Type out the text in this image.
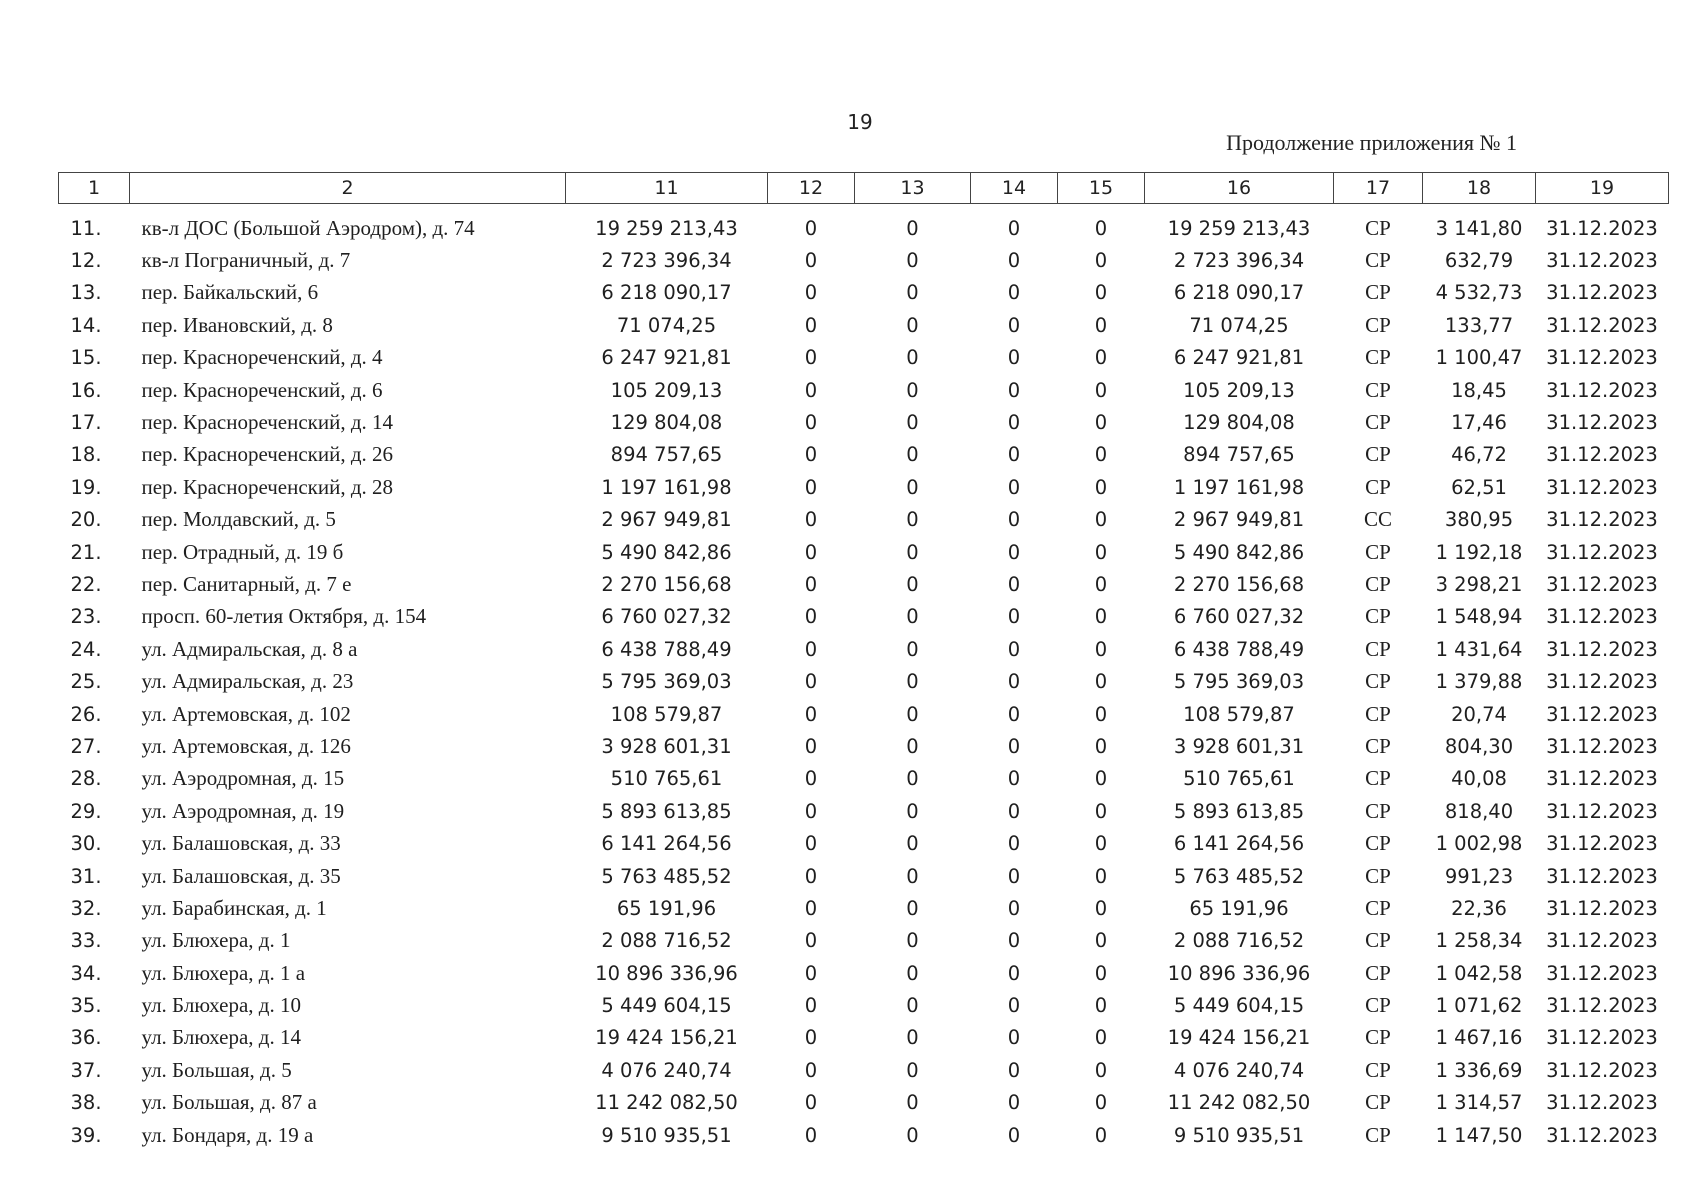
19
Продолжение приложения № 1
1	2	11	12	13	14	15	16	17	18	19
11.	кв-л ДОС (Большой Аэродром), д. 74	19 259 213,43	0	0	0	0	19 259 213,43	СР	3 141,80	31.12.2023
12.	кв-л Пограничный, д. 7	2 723 396,34	0	0	0	0	2 723 396,34	СР	632,79	31.12.2023
13.	пер. Байкальский, 6	6 218 090,17	0	0	0	0	6 218 090,17	СР	4 532,73	31.12.2023
14.	пер. Ивановский, д. 8	71 074,25	0	0	0	0	71 074,25	СР	133,77	31.12.2023
15.	пер. Краснореченский, д. 4	6 247 921,81	0	0	0	0	6 247 921,81	СР	1 100,47	31.12.2023
16.	пер. Краснореченский, д. 6	105 209,13	0	0	0	0	105 209,13	СР	18,45	31.12.2023
17.	пер. Краснореченский, д. 14	129 804,08	0	0	0	0	129 804,08	СР	17,46	31.12.2023
18.	пер. Краснореченский, д. 26	894 757,65	0	0	0	0	894 757,65	СР	46,72	31.12.2023
19.	пер. Краснореченский, д. 28	1 197 161,98	0	0	0	0	1 197 161,98	СР	62,51	31.12.2023
20.	пер. Молдавский, д. 5	2 967 949,81	0	0	0	0	2 967 949,81	СС	380,95	31.12.2023
21.	пер. Отрадный, д. 19 б	5 490 842,86	0	0	0	0	5 490 842,86	СР	1 192,18	31.12.2023
22.	пер. Санитарный, д. 7 е	2 270 156,68	0	0	0	0	2 270 156,68	СР	3 298,21	31.12.2023
23.	просп. 60-летия Октября, д. 154	6 760 027,32	0	0	0	0	6 760 027,32	СР	1 548,94	31.12.2023
24.	ул. Адмиральская, д. 8 а	6 438 788,49	0	0	0	0	6 438 788,49	СР	1 431,64	31.12.2023
25.	ул. Адмиральская, д. 23	5 795 369,03	0	0	0	0	5 795 369,03	СР	1 379,88	31.12.2023
26.	ул. Артемовская, д. 102	108 579,87	0	0	0	0	108 579,87	СР	20,74	31.12.2023
27.	ул. Артемовская, д. 126	3 928 601,31	0	0	0	0	3 928 601,31	СР	804,30	31.12.2023
28.	ул. Аэродромная, д. 15	510 765,61	0	0	0	0	510 765,61	СР	40,08	31.12.2023
29.	ул. Аэродромная, д. 19	5 893 613,85	0	0	0	0	5 893 613,85	СР	818,40	31.12.2023
30.	ул. Балашовская, д. 33	6 141 264,56	0	0	0	0	6 141 264,56	СР	1 002,98	31.12.2023
31.	ул. Балашовская, д. 35	5 763 485,52	0	0	0	0	5 763 485,52	СР	991,23	31.12.2023
32.	ул. Барабинская, д. 1	65 191,96	0	0	0	0	65 191,96	СР	22,36	31.12.2023
33.	ул. Блюхера, д. 1	2 088 716,52	0	0	0	0	2 088 716,52	СР	1 258,34	31.12.2023
34.	ул. Блюхера, д. 1 а	10 896 336,96	0	0	0	0	10 896 336,96	СР	1 042,58	31.12.2023
35.	ул. Блюхера, д. 10	5 449 604,15	0	0	0	0	5 449 604,15	СР	1 071,62	31.12.2023
36.	ул. Блюхера, д. 14	19 424 156,21	0	0	0	0	19 424 156,21	СР	1 467,16	31.12.2023
37.	ул. Большая, д. 5	4 076 240,74	0	0	0	0	4 076 240,74	СР	1 336,69	31.12.2023
38.	ул. Большая, д. 87 а	11 242 082,50	0	0	0	0	11 242 082,50	СР	1 314,57	31.12.2023
39.	ул. Бондаря, д. 19 а	9 510 935,51	0	0	0	0	9 510 935,51	СР	1 147,50	31.12.2023
